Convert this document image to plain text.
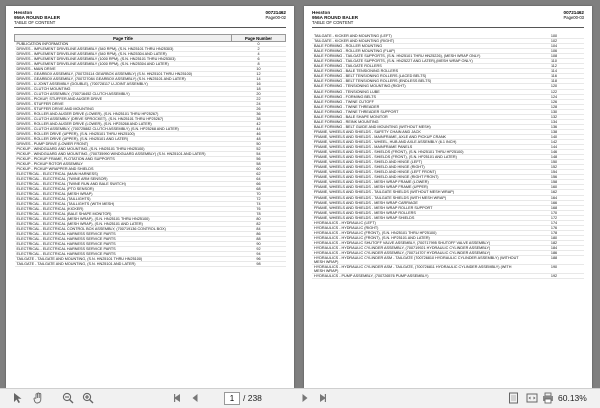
Hesston
956A ROUND BALER
TABLE OF CONTENT
00721462
Page00-02
Page Title	Page Number
PUBLICATION INFORMATION	0
DRIVES - IMPLEMENT DRIVELINE ASSEMBLY (540 RPM), (S.N. HN25101 THRU HN25303)	2
DRIVES - IMPLEMENT DRIVELINE ASSEMBLY (540 RPM), (S.N. HN25304 AND LATER)	4
DRIVES - IMPLEMENT DRIVELINE ASSEMBLY (1000 RPM), (S.N. HN25101 THRU HN25303)	6
DRIVES - IMPLEMENT DRIVELINE ASSEMBLY (1000 RPM), (S.N. HN25304 AND LATER)	8
DRIVES - MAIN DRIVE	10
DRIVES - GEARBOX ASSEMBLY, (700725114 GEARBOX ASSEMBLY) (S.N. HN25101 THRU HN25100)	12
DRIVES - GEARBOX ASSEMBLY, (700727084 GEARBOX ASSEMBLY) (S.N. HN25101 AND LATER)	14
DRIVES - U-JOINT ASSEMBLY (DOUBLE), (700728117 U-JOINT ASSEMBLY)	16
DRIVES - CLUTCH MOUNTING	18
DRIVES - CLUTCH ASSEMBLY, (700716452 CLUTCH ASSEMBLY)	20
DRIVES - PICKUP, STUFFER AND AUGER DRIVE	22
DRIVES - STUFFER DRIVE	24
DRIVES - STUFFER DRIVE AND MOUNTING	26
DRIVES - ROLLER AND AUGER DRIVE (LOWER), (S.N. HN25101 THRU HP25267)	36
DRIVES - CLUTCH ASSEMBLY (DRIVE SPROCKET), (S.N. HN25101 THRU HP25267)	38
DRIVES - ROLLER AND AUGER DRIVE (LOWER), (S.N. HP25268 AND LATER)	42
DRIVES - CLUTCH ASSEMBLY, (700725882 CLUTCH ASSEMBLY) (S.N. HP25268 AND LATER)	44
DRIVES - ROLLER DRIVE (UPPER), (S.N. HN25101 THRU HN25100)	46
DRIVES - ROLLER DRIVE (UPPER), (S.N. HN25101 AND LATER)	48
DRIVES - PUMP DRIVE (LOWER FRONT)	50
PICKUP - WINDGUARD AND MOUNTING, (S.N. HN25101 THRU HN25100)	52
PICKUP - WINDGUARD AND MOUNTING, (700735990 WINDGUARD ASSEMBLY) (S.N. HN25101 AND LATER)	54
PICKUP - PICKUP FRAME, FLOTATION AND SUPPORTS	56
PICKUP - PICKUP ROTOR ASSEMBLY	58
PICKUP - PICKUP WRAPPER AND SHIELDS	60
ELECTRICAL - ELECTRICAL (MAIN HARNESS)	62
ELECTRICAL - ELECTRICAL (TWINE ARM SENSOR)	64
ELECTRICAL - ELECTRICAL (TWINE RUN AND BALE SWITCH)	66
ELECTRICAL - ELECTRICAL (PTO SENSOR)	68
ELECTRICAL - ELECTRICAL (MESH WRAP)	70
ELECTRICAL - ELECTRICAL (TAILLIGHTS)	72
ELECTRICAL - ELECTRICAL (TAILLIGHTS (WITH MESH)	74
ELECTRICAL - ELECTRICAL (KICKER)	76
ELECTRICAL - ELECTRICAL (BALE SHAPE MONITOR)	78
ELECTRICAL - ELECTRICAL (MESH WRAP), (S.N. HN25101 THRU HN25100)	80
ELECTRICAL - ELECTRICAL (MESH WRAP), (S.N. HN25101 AND LATER)	82
ELECTRICAL - ELECTRICAL CONTROL BOX ASSEMBLY, (700719136 CONTROL BOX)	84
ELECTRICAL - ELECTRICAL HARNESS SERVICE PARTS	86
ELECTRICAL - ELECTRICAL HARNESS SERVICE PARTS	88
ELECTRICAL - ELECTRICAL HARNESS SERVICE PARTS	90
ELECTRICAL - ELECTRICAL HARNESS SERVICE PARTS	92
ELECTRICAL - ELECTRICAL HARNESS SERVICE PARTS	94
TAILGATE - TAILGATE AND MOUNTING, (S.N. HN25101 THRU HN25100)	96
TAILGATE - TAILGATE AND MOUNTING, (S.N. HN25101 AND LATER)	98
Hesston
956A ROUND BALER
TABLE OF CONTENT
00721462
Page00-03
TAILGATE - KICKER AND MOUNTING (LEFT)	100
TAILGATE - KICKER AND MOUNTING (RIGHT)	102
BALE FORMING - ROLLER MOUNTING	104
BALE FORMING - ROLLER MOUNTING (FLAP)	106
BALE FORMING - TAILGATE SUPPORTS, (S.N. HN25101 THRU HN25226), (MESH WRAP ONLY)	108
BALE FORMING - TAILGATE SUPPORTS, (S.N. HN25227 AND LATER),(MESH WRAP ONLY)	110
BALE FORMING - TAILGATE ROLLERS	112
BALE FORMING - BALE TENSIONING ROLLERS	114
BALE FORMING - BELT TENSIONING ROLLERS (LACED BELTS)	116
BALE FORMING - BELT TENSIONING ROLLERS (ENDLESS BELTS)	118
BALE FORMING - TENSIONING MOUNTING (RIGHT)	120
BALE FORMING - TENSIONING LUBE	122
BALE FORMING - FORMING BELTS	124
BALE FORMING - TWINE CUTOFF	126
BALE FORMING - TWINE THREADER	128
BALE FORMING - TWINE THREADER SUPPORT	130
BALE FORMING - BALE SHAPE MONITOR	132
BALE FORMING - REINK MOUNTING	134
BALE FORMING - BELT GUIDE AND MOUNTING (WITHOUT MESH)	136
FRAME, WHEELS AND SHIELDS - SAFETY CHAIN AND JACK	138
FRAME, WHEELS AND SHIELDS - MAINFRAME, AXLE AND PICKUP CRANK	140
FRAME, WHEELS AND SHIELDS - WHEEL, HUB AND AXLE ASSEMBLY (6.1 INCH)	142
FRAME, WHEELS AND SHIELDS - MAINFRAME PANELS	144
FRAME, WHEELS AND SHIELDS - SHIELDS (FRONT), (S.N. HN25101 THRU HP25100)	146
FRAME, WHEELS AND SHIELDS - SHIELDS (FRONT), (S.N. HP25101 AND LATER)	148
FRAME, WHEELS AND SHIELDS - SHIELD AND HINGE (LEFT)	150
FRAME, WHEELS AND SHIELDS - SHIELD AND HINGE (RIGHT)	152
FRAME, WHEELS AND SHIELDS - SHIELD AND HINGE (LEFT FRONT)	154
FRAME, WHEELS AND SHIELDS - SHIELD AND HINGE (RIGHT FRONT)	156
FRAME, WHEELS AND SHIELDS - MESH WRAP FRAME (LOWER)	158
FRAME, WHEELS AND SHIELDS - MESH WRAP FRAME (UPPER)	160
FRAME, WHEELS AND SHIELDS - TAILGATE SHIELDS (WITHOUT MESH WRAP)	162
FRAME, WHEELS AND SHIELDS - TAILGATE SHIELDS (WITH MESH WRAP)	164
FRAME, WHEELS AND SHIELDS - MESH WRAP CARRIAGE	166
FRAME, WHEELS AND SHIELDS - MESH WRAP ROLLER SUPPORT	168
FRAME, WHEELS AND SHIELDS - MESH WRAP ROLLERS	170
FRAME, WHEELS AND SHIELDS - MESH WRAP SHIELDS	172
HYDRAULICS - HYDRAULIC (LEFT)	174
HYDRAULICS - HYDRAULIC (RIGHT)	176
HYDRAULICS - HYDRAULIC (FRONT), (S.N. HN25101 THRU HP25100)	178
HYDRAULICS - HYDRAULIC (FRONT), (S.N. HP25101 AND LATER)	180
HYDRAULICS - HYDRAULIC SHUTOFF VALVE ASSEMBLY, (700717995 SHUTOFF VALVE ASSEMBLY)	182
HYDRAULICS - HYDRAULIC CYLINDER ASSEMBLY, (700719921 HYDRAULIC CYLINDER ASSEMBLY)	184
HYDRAULICS - HYDRAULIC CYLINDER ASSEMBLY, (700714707 HYDRAULIC CYLINDER ASSEMBLY)	186
HYDRAULICS - HYDRAULIC CYLINDER ASM - TAILGATE (700726810 HYDRAULIC CYLINDER ASSEMBLY) (WITHOUT MESH WRAP)	188
HYDRAULICS - HYDRAULIC CYLINDER ASM - TAILGATE, (700726811 HYDRAULIC CYLINDER ASSEMBLY) (WITH MESH WRAP)	190
HYDRAULICS - PUMP ASSEMBLY, (700726576 PUMP ASSEMBLY)	192
1
/ 238	60.13%
